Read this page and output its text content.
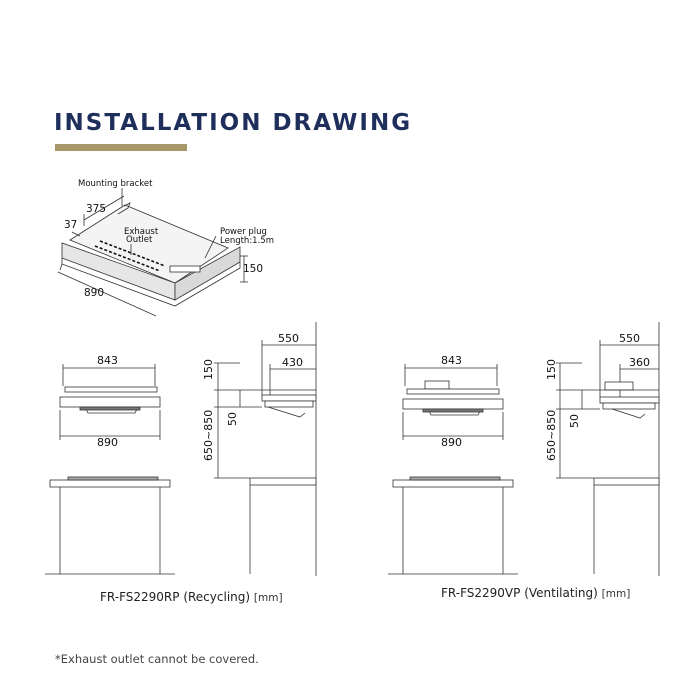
INSTALLATION DRAWING
Mounting bracket
Exhaust
Outlet
Power plug
Length:1.5m
375
37
150
890
843
890
550
430
150
50
650~850
843
890
550
360
150
50
650~850
FR-FS2290RP (Recycling) [mm]	FR-FS2290VP (Ventilating) [mm]
*Exhaust outlet cannot be covered.
